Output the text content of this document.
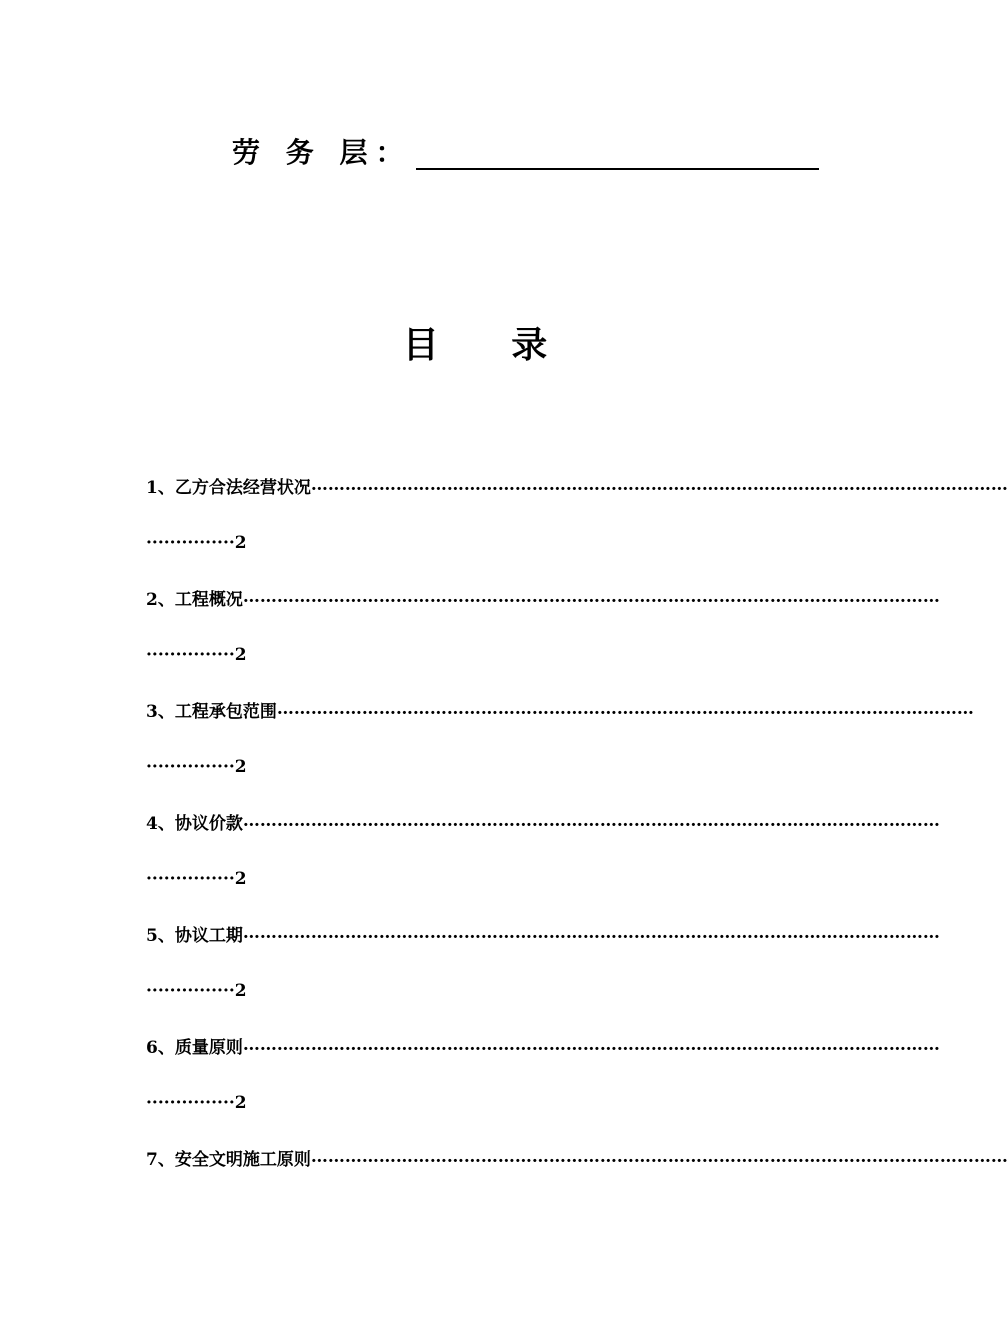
劳 务 层：
目 录
1、乙方合法经营状况 ……………………………………………………………………………………………………………
··············· 2
2、工程概况 ……………………………………………………………………………………………………………
··············· 2
3、工程承包范围 ……………………………………………………………………………………………………………
··············· 2
4、协议价款 ……………………………………………………………………………………………………………
··············· 2
5、协议工期 ……………………………………………………………………………………………………………
··············· 2
6、质量原则 ……………………………………………………………………………………………………………
··············· 2
7、安全文明施工原则 ……………………………………………………………………………………………………………
